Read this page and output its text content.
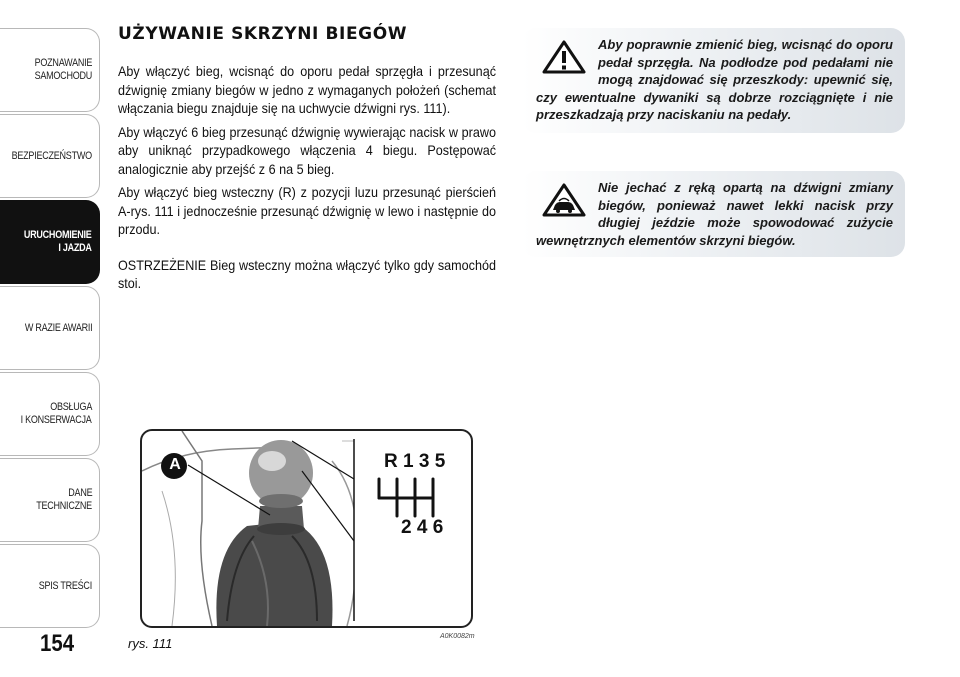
POZNAWANIE
SAMOCHODU
BEZPIECZEŃSTWO
URUCHOMIENIE
I JAZDA
W RAZIE AWARII
OBSŁUGA
I KONSERWACJA
DANE
TECHNICZNE
SPIS TREŚCI
154
UŻYWANIE SKRZYNI BIEGÓW

Aby włączyć bieg, wcisnąć do oporu pedał sprzęgła i przesunąć dźwignię zmiany biegów w jedno z wymaganych położeń (schemat włączania biegu znajduje się na uchwycie dźwigni rys. 111).

Aby włączyć 6 bieg przesunąć dźwignię wywierając nacisk w prawo aby uniknąć przypadkowego włączenia 4 biegu. Postępować analogicznie aby przejść z 6 na 5 bieg.

Aby włączyć bieg wsteczny (R) z pozycji luzu przesunąć pierścień A-rys. 111 i jednocześnie przesunąć dźwignię w lewo i następnie do przodu.

OSTRZEŻENIE Bieg wsteczny można włączyć tylko gdy samochód stoi.

Aby poprawnie zmienić bieg, wcisnąć do oporu pedał sprzęgła. Na podłodze pod pedałami nie mogą znajdować się przeszkody: upewnić się, czy ewentualne dywaniki są dobrze rozciągnięte i nie przeszkadzają przy naciskaniu na pedały.

Nie jechać z ręką opartą na dźwigni zmiany biegów, ponieważ nawet lekki nacisk przy długiej jeździe może spowodować zużycie wewnętrznych elementów skrzyni biegów.

A	R 1 3 5
2 4 6
rys. 111	A0K0082m
